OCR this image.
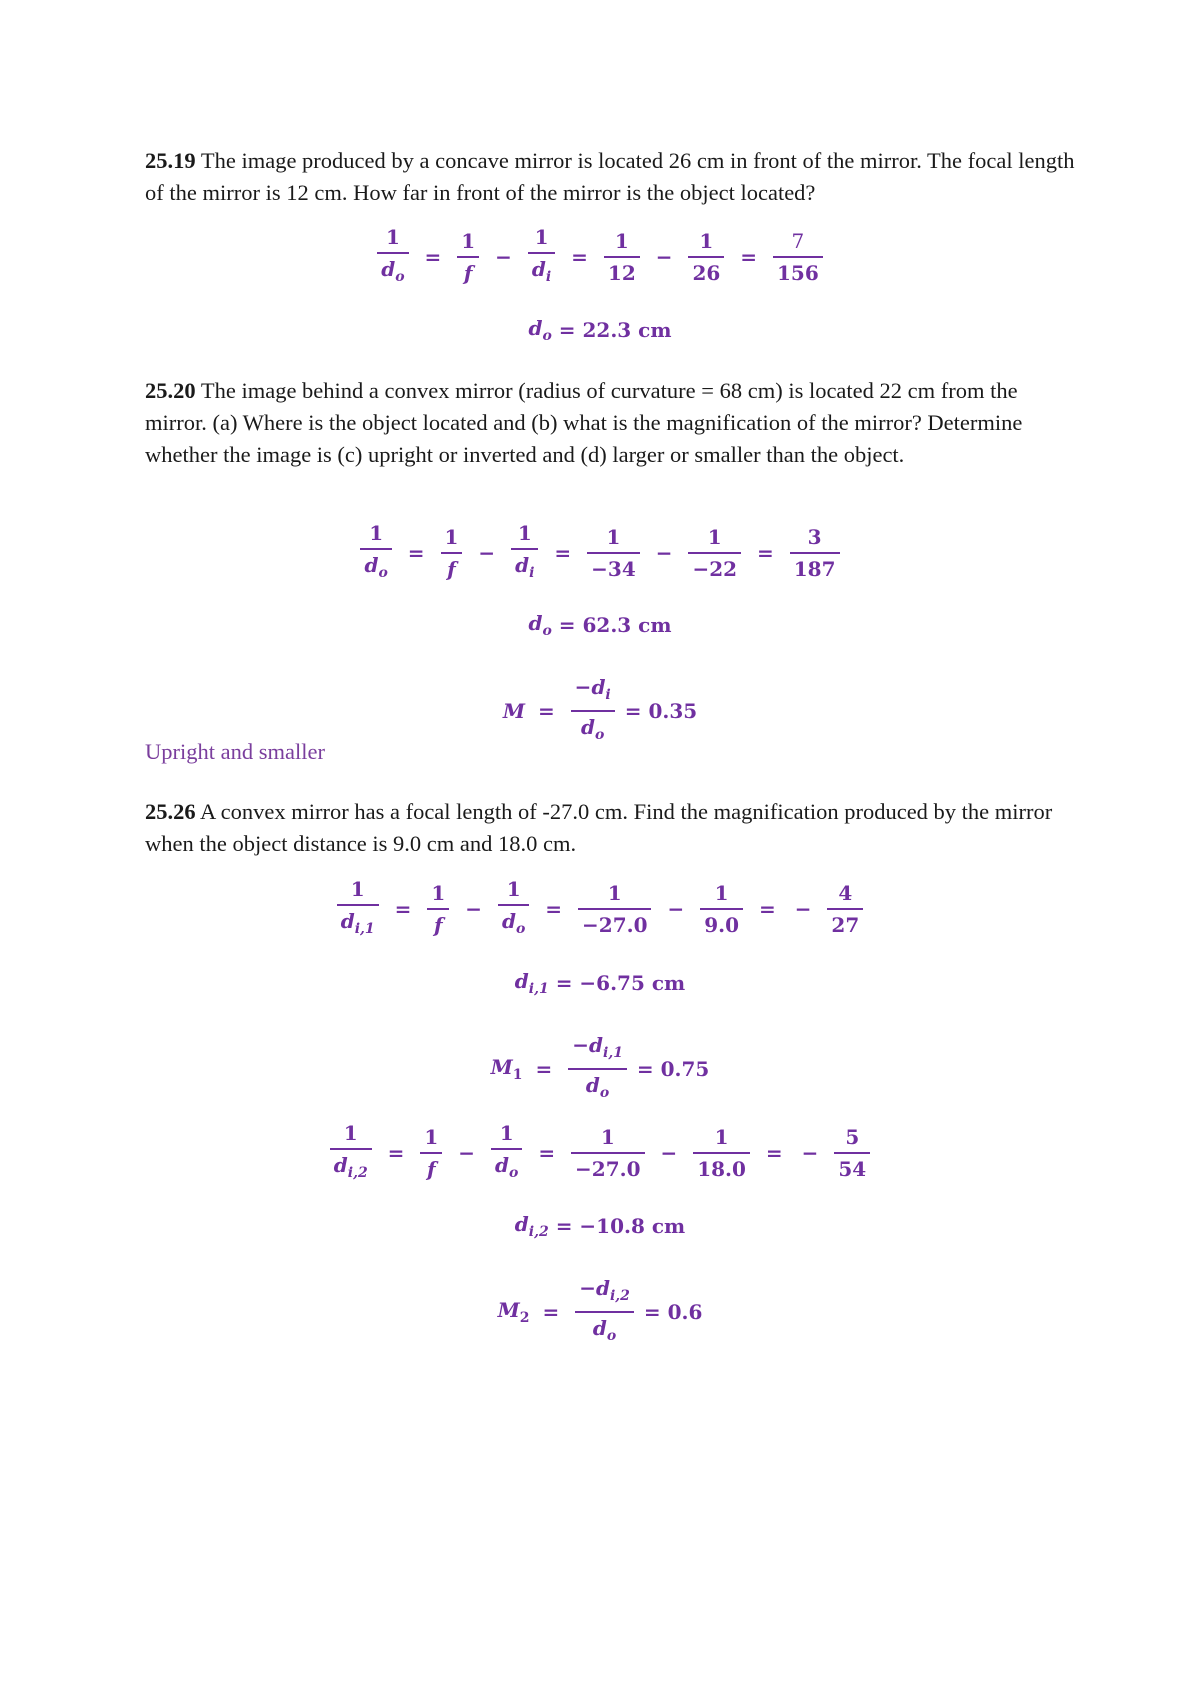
25.19 The image produced by a concave mirror is located 26 cm in front of the mirror. The focal length of the mirror is 12 cm. How far in front of the mirror is the object located?

$\frac{1}{d_o} = \frac{1}{f} - \frac{1}{d_i} = \frac{1}{12} - \frac{1}{26} = \frac{7}{156}$
$d_o = 22.3$ cm

25.20 The image behind a convex mirror (radius of curvature = 68 cm) is located 22 cm from the mirror. (a) Where is the object located and (b) what is the magnification of the mirror? Determine whether the image is (c) upright or inverted and (d) larger or smaller than the object.

$\frac{1}{d_o} = \frac{1}{f} - \frac{1}{d_i} = \frac{1}{-34} - \frac{1}{-22} = \frac{3}{187}$
$d_o = 62.3$ cm
$M = \frac{-d_i}{d_o} = 0.35$

Upright and smaller

25.26 A convex mirror has a focal length of -27.0 cm. Find the magnification produced by the mirror when the object distance is 9.0 cm and 18.0 cm.

$\frac{1}{d_{i,1}} = \frac{1}{f} - \frac{1}{d_o} = \frac{1}{-27.0} - \frac{1}{9.0}$ = − $\frac{4}{27}$
$d_{i,1} = -6.75$ cm
$M_1 = \frac{-d_{i,1}}{d_o} = 0.75$
$\frac{1}{d_{i,2}} = \frac{1}{f} - \frac{1}{d_o} = \frac{1}{-27.0} - \frac{1}{18.0}$ = − $\frac{5}{54}$
$d_{i,2} = -10.8$ cm
$M_2 = \frac{-d_{i,2}}{d_o} = 0.6$
